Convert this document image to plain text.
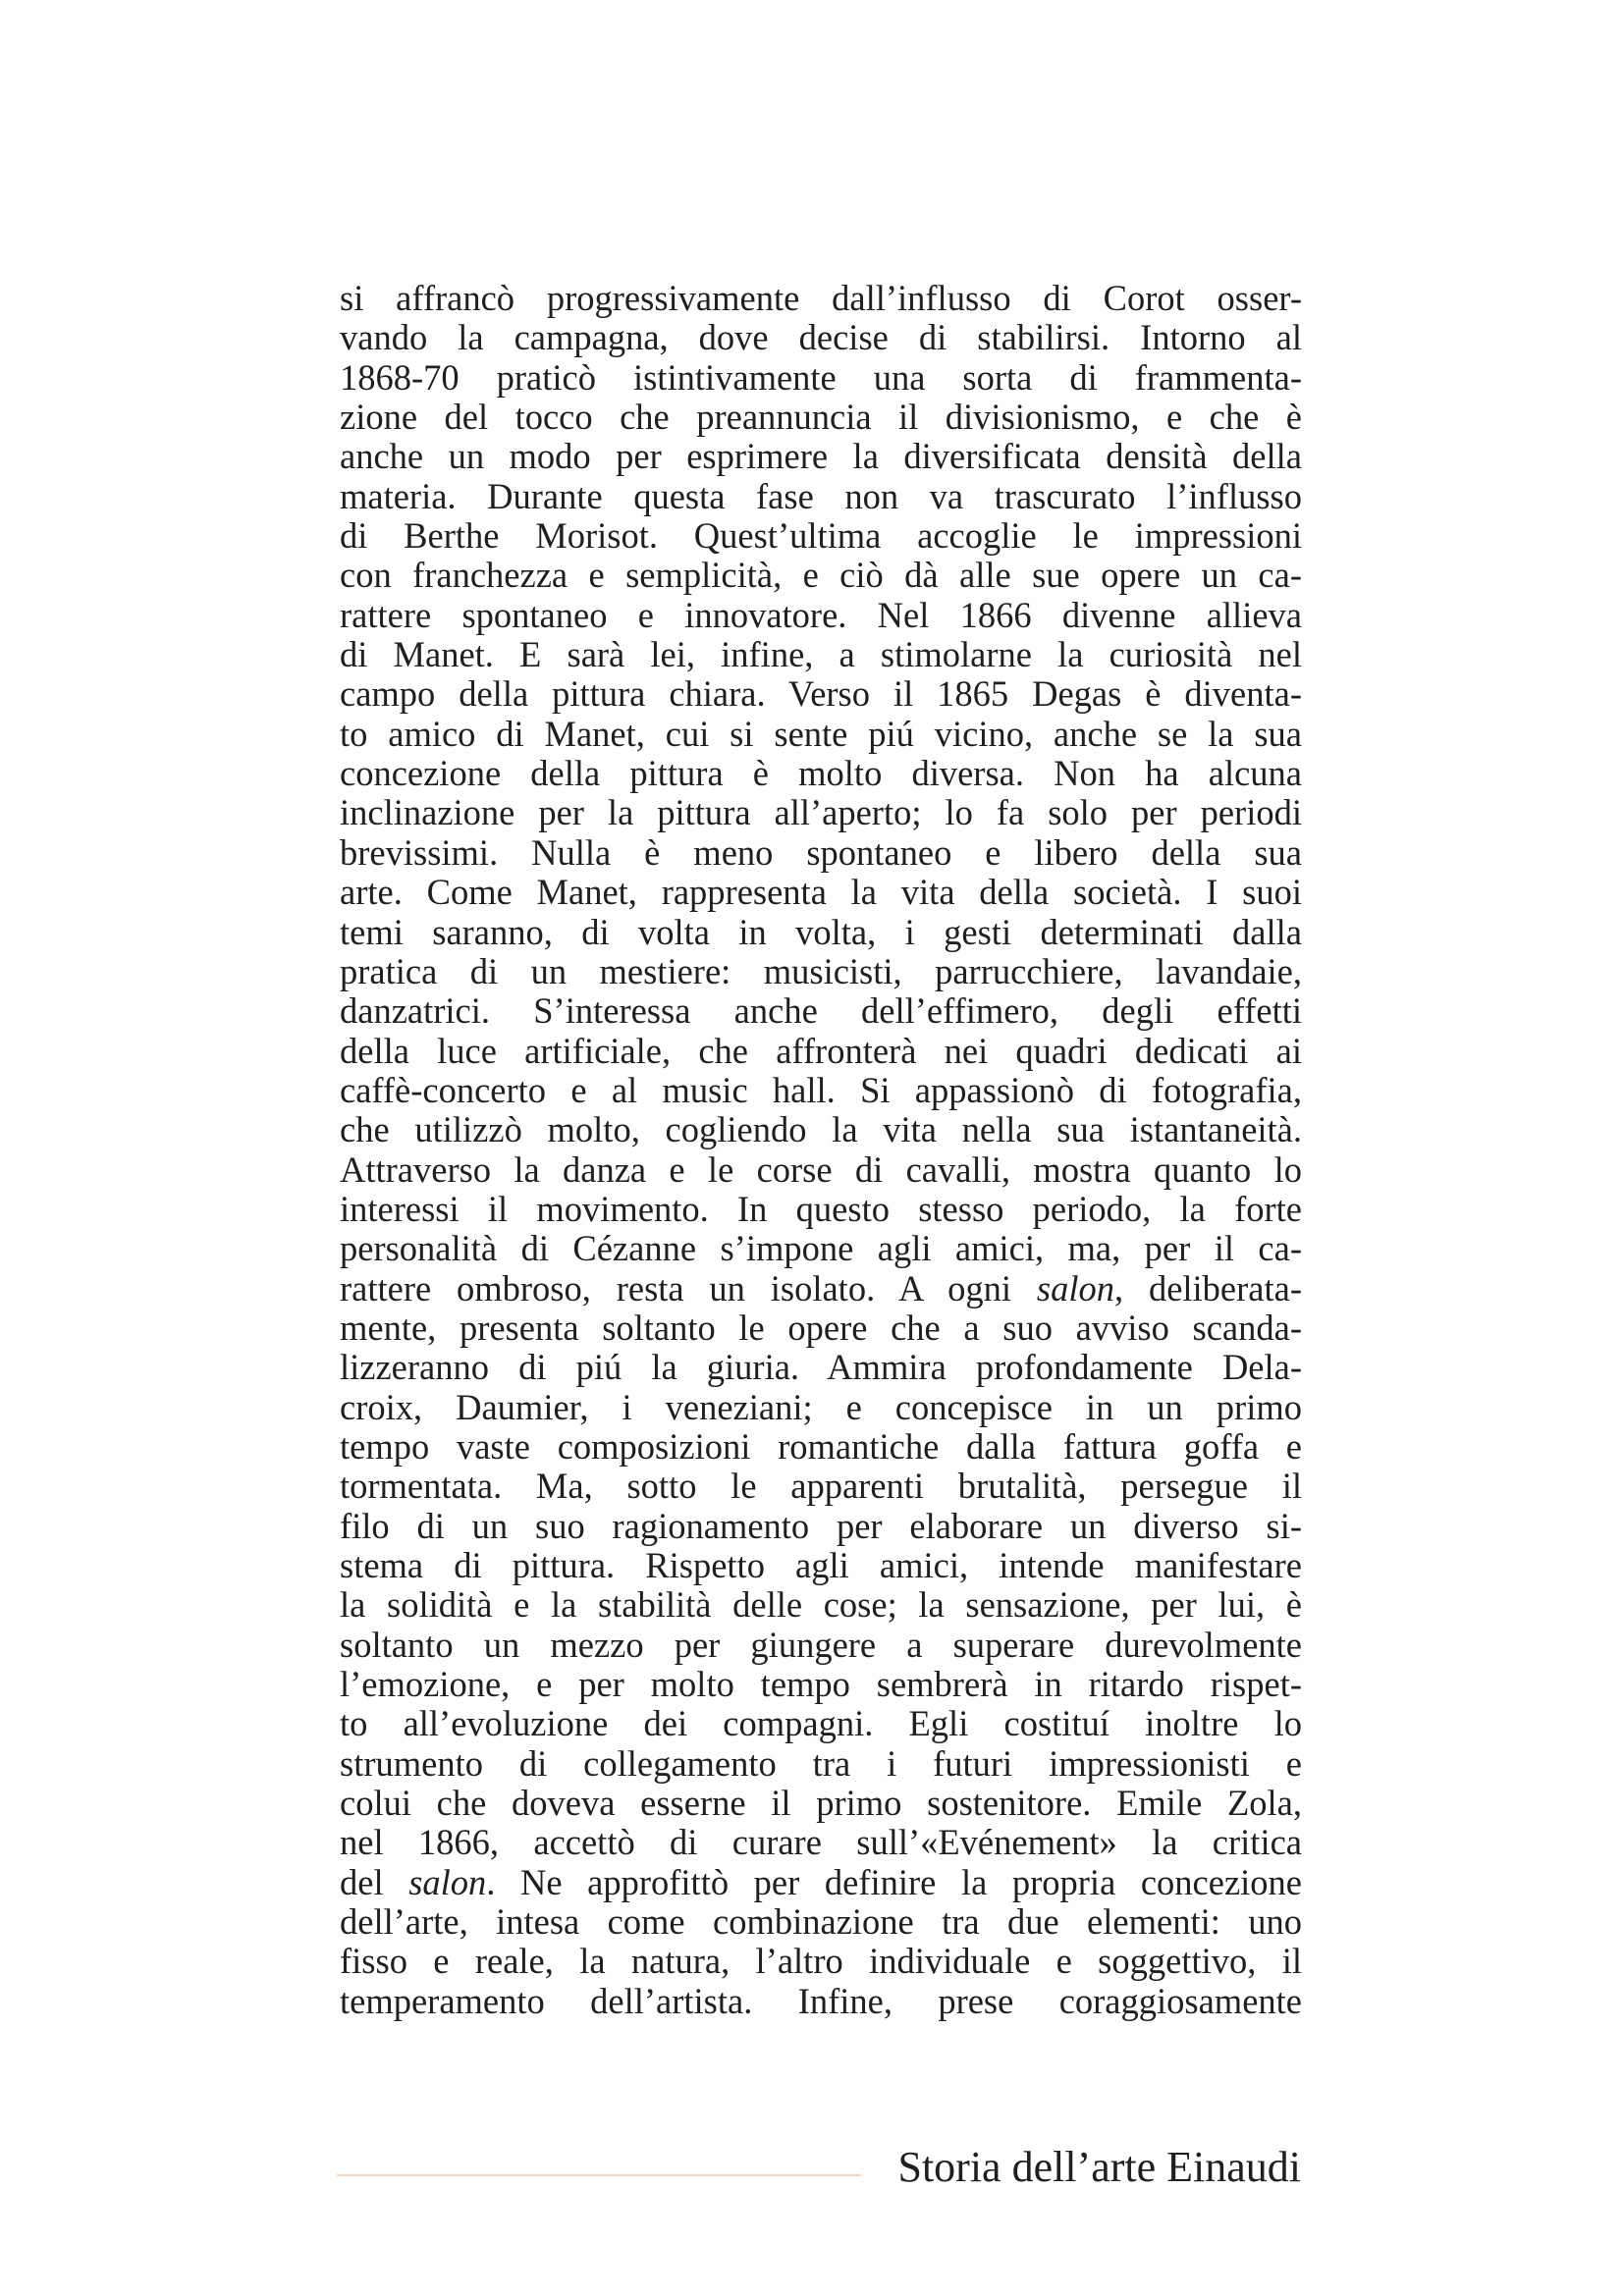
si affrancò progressivamente dall’influsso di Corot osser-
vando la campagna, dove decise di stabilirsi. Intorno al
1868-70 praticò istintivamente una sorta di frammenta-
zione del tocco che preannuncia il divisionismo, e che è
anche un modo per esprimere la diversificata densità della
materia. Durante questa fase non va trascurato l’influsso
di Berthe Morisot. Quest’ultima accoglie le impressioni
con franchezza e semplicità, e ciò dà alle sue opere un ca-
rattere spontaneo e innovatore. Nel 1866 divenne allieva
di Manet. E sarà lei, infine, a stimolarne la curiosità nel
campo della pittura chiara. Verso il 1865 Degas è diventa-
to amico di Manet, cui si sente piú vicino, anche se la sua
concezione della pittura è molto diversa. Non ha alcuna
inclinazione per la pittura all’aperto; lo fa solo per periodi
brevissimi. Nulla è meno spontaneo e libero della sua
arte. Come Manet, rappresenta la vita della società. I suoi
temi saranno, di volta in volta, i gesti determinati dalla
pratica di un mestiere: musicisti, parrucchiere, lavandaie,
danzatrici. S’interessa anche dell’effimero, degli effetti
della luce artificiale, che affronterà nei quadri dedicati ai
caffè-concerto e al music hall. Si appassionò di fotografia,
che utilizzò molto, cogliendo la vita nella sua istantaneità.
Attraverso la danza e le corse di cavalli, mostra quanto lo
interessi il movimento. In questo stesso periodo, la forte
personalità di Cézanne s’impone agli amici, ma, per il ca-
rattere ombroso, resta un isolato. A ogni salon, deliberata-
mente, presenta soltanto le opere che a suo avviso scanda-
lizzeranno di piú la giuria. Ammira profondamente Dela-
croix, Daumier, i veneziani; e concepisce in un primo
tempo vaste composizioni romantiche dalla fattura goffa e
tormentata. Ma, sotto le apparenti brutalità, persegue il
filo di un suo ragionamento per elaborare un diverso si-
stema di pittura. Rispetto agli amici, intende manifestare
la solidità e la stabilità delle cose; la sensazione, per lui, è
soltanto un mezzo per giungere a superare durevolmente
l’emozione, e per molto tempo sembrerà in ritardo rispet-
to all’evoluzione dei compagni. Egli costituí inoltre lo
strumento di collegamento tra i futuri impressionisti e
colui che doveva esserne il primo sostenitore. Emile Zola,
nel 1866, accettò di curare sull’«Evénement» la critica
del salon. Ne approfittò per definire la propria concezione
dell’arte, intesa come combinazione tra due elementi: uno
fisso e reale, la natura, l’altro individuale e soggettivo, il
temperamento dell’artista. Infine, prese coraggiosamente
Storia dell’arte Einaudi
